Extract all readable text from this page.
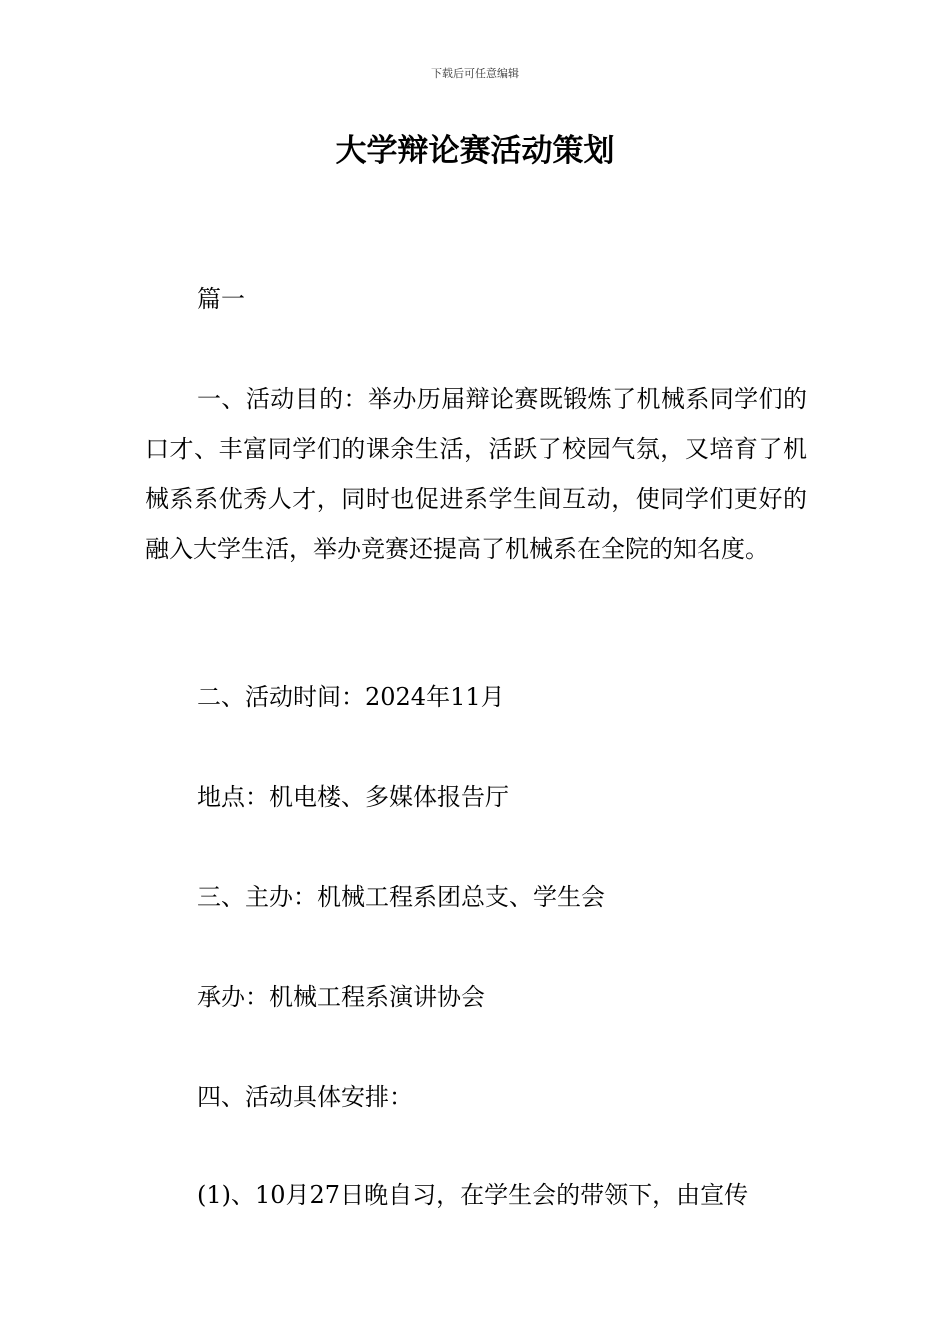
下载后可任意编辑
大学辩论赛活动策划
篇一
一、活动目的：举办历届辩论赛既锻炼了机械系同学们的口才、丰富同学们的课余生活，活跃了校园气氛，又培育了机械系系优秀人才，同时也促进系学生间互动，使同学们更好的融入大学生活，举办竞赛还提高了机械系在全院的知名度。
二、活动时间：2024年11月
地点：机电楼、多媒体报告厅
三、主办：机械工程系团总支、学生会
承办：机械工程系演讲协会
四、活动具体安排：
(1)、10月27日晚自习，在学生会的带领下，由宣传
